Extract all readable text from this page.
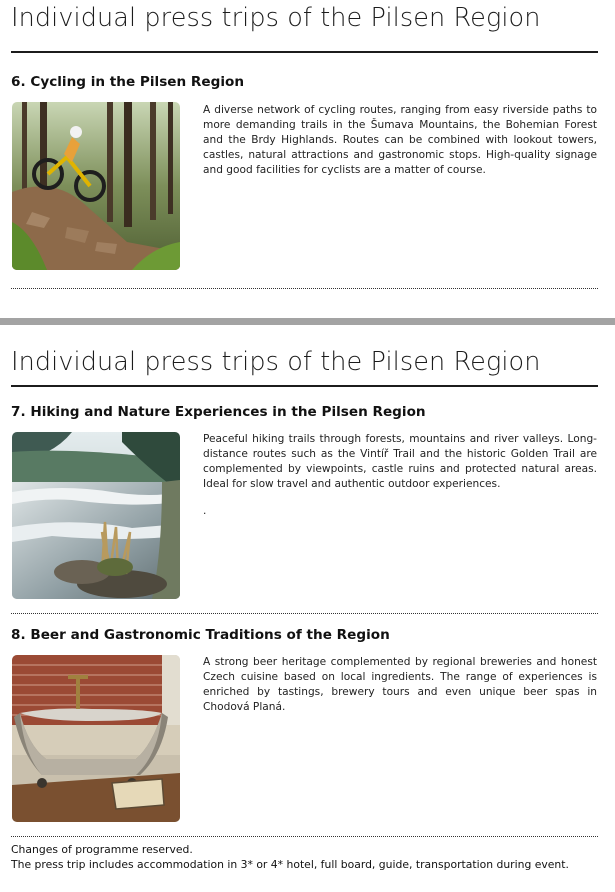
Individual press trips of the Pilsen Region
6. Cycling in the Pilsen Region

A diverse network of cycling routes, ranging from easy riverside paths to more demanding trails in the Šumava Mountains, the Bohemian Forest and the Brdy Highlands. Routes can be combined with lookout towers, castles, natural attractions and gastronomic stops. High-quality signage and good facilities for cyclists are a matter of course.

Individual press trips of the Pilsen Region
7. Hiking and Nature Experiences in the Pilsen Region

Peaceful hiking trails through forests, mountains and river valleys. Long-distance routes such as the Vintíř Trail and the historic Golden Trail are complemented by viewpoints, castle ruins and protected natural areas. Ideal for slow travel and authentic outdoor experiences.

.
8. Beer and Gastronomic Traditions of the Region

A strong beer heritage complemented by regional breweries and honest Czech cuisine based on local ingredients. The range of experiences is enriched by tastings, brewery tours and even unique beer spas in Chodová Planá.

Changes of programme reserved.

The press trip includes accommodation in 3* or 4* hotel, full board, guide, transportation during event.
